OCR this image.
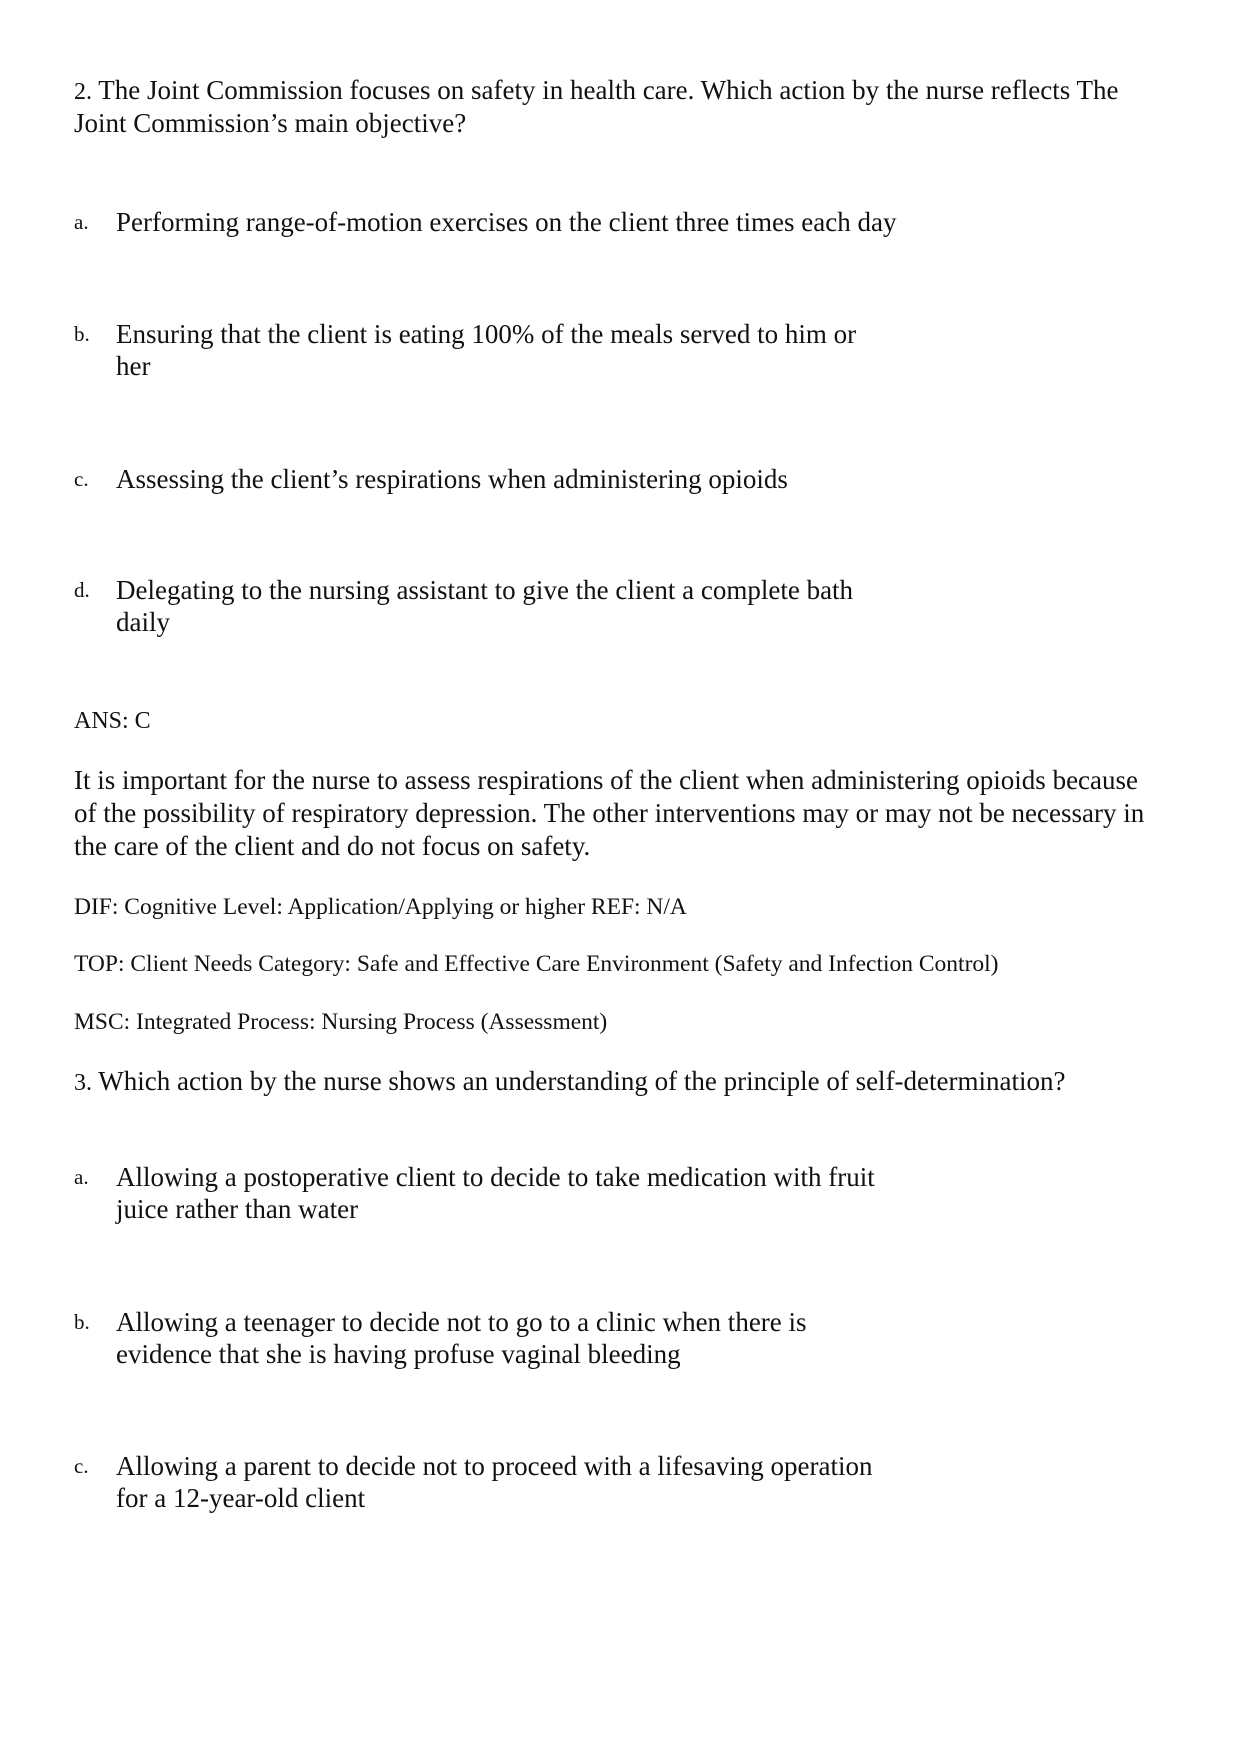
2. The Joint Commission focuses on safety in health care. Which action by the nurse reflects The
Joint Commission’s main objective?
a. Performing range-of-motion exercises on the client three times each day
b. Ensuring that the client is eating 100% of the meals served to him or
her
c. Assessing the client’s respirations when administering opioids
d. Delegating to the nursing assistant to give the client a complete bath
daily
ANS: C
It is important for the nurse to assess respirations of the client when administering opioids because
of the possibility of respiratory depression. The other interventions may or may not be necessary in
the care of the client and do not focus on safety.
DIF: Cognitive Level: Application/Applying or higher REF: N/A
TOP: Client Needs Category: Safe and Effective Care Environment (Safety and Infection Control)
MSC: Integrated Process: Nursing Process (Assessment)
3. Which action by the nurse shows an understanding of the principle of self-determination?
a. Allowing a postoperative client to decide to take medication with fruit
juice rather than water
b. Allowing a teenager to decide not to go to a clinic when there is
evidence that she is having profuse vaginal bleeding
c. Allowing a parent to decide not to proceed with a lifesaving operation
for a 12-year-old client
